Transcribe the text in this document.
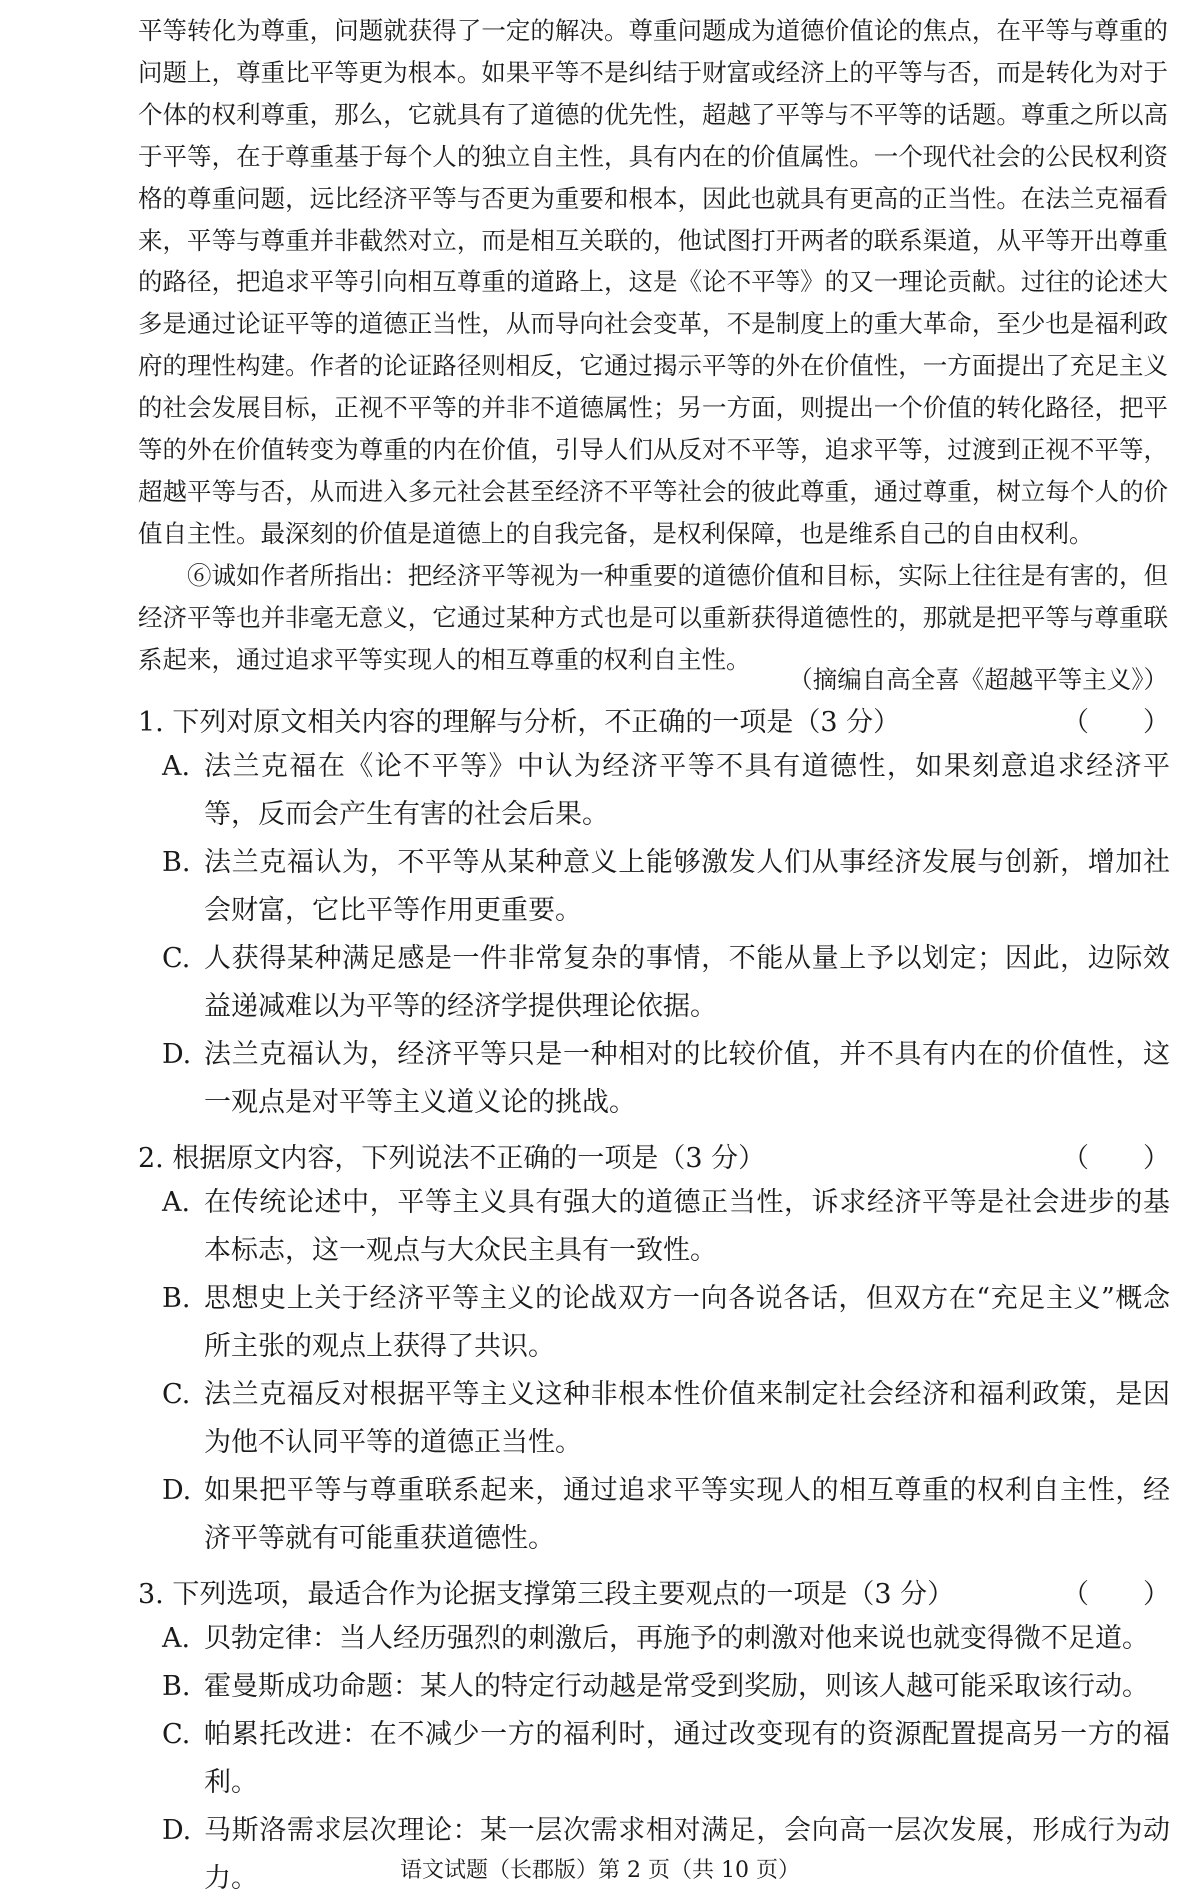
平等转化为尊重，问题就获得了一定的解决。尊重问题成为道德价值论的焦点，在平等与尊重的问题上，尊重比平等更为根本。如果平等不是纠结于财富或经济上的平等与否，而是转化为对于个体的权利尊重，那么，它就具有了道德的优先性，超越了平等与不平等的话题。尊重之所以高于平等，在于尊重基于每个人的独立自主性，具有内在的价值属性。一个现代社会的公民权利资格的尊重问题，远比经济平等与否更为重要和根本，因此也就具有更高的正当性。在法兰克福看来，平等与尊重并非截然对立，而是相互关联的，他试图打开两者的联系渠道，从平等开出尊重的路径，把追求平等引向相互尊重的道路上，这是《论不平等》的又一理论贡献。过往的论述大多是通过论证平等的道德正当性，从而导向社会变革，不是制度上的重大革命，至少也是福利政府的理性构建。作者的论证路径则相反，它通过揭示平等的外在价值性，一方面提出了充足主义的社会发展目标，正视不平等的并非不道德属性；另一方面，则提出一个价值的转化路径，把平等的外在价值转变为尊重的内在价值，引导人们从反对不平等，追求平等，过渡到正视不平等，超越平等与否，从而进入多元社会甚至经济不平等社会的彼此尊重，通过尊重，树立每个人的价值自主性。最深刻的价值是道德上的自我完备，是权利保障，也是维系自己的自由权利。

⑥诚如作者所指出：把经济平等视为一种重要的道德价值和目标，实际上往往是有害的，但经济平等也并非毫无意义，它通过某种方式也是可以重新获得道德性的，那就是把平等与尊重联系起来，通过追求平等实现人的相互尊重的权利自主性。

（摘编自高全喜《超越平等主义》）
1. 下列对原文相关内容的理解与分析，不正确的一项是（3 分）	（　　）
A. 法兰克福在《论不平等》中认为经济平等不具有道德性，如果刻意追求经济平等，反而会产生有害的社会后果。
B. 法兰克福认为，不平等从某种意义上能够激发人们从事经济发展与创新，增加社会财富，它比平等作用更重要。
C. 人获得某种满足感是一件非常复杂的事情，不能从量上予以划定；因此，边际效益递减难以为平等的经济学提供理论依据。
D. 法兰克福认为，经济平等只是一种相对的比较价值，并不具有内在的价值性，这一观点是对平等主义道义论的挑战。
2. 根据原文内容，下列说法不正确的一项是（3 分）	（　　）
A. 在传统论述中，平等主义具有强大的道德正当性，诉求经济平等是社会进步的基本标志，这一观点与大众民主具有一致性。
B. 思想史上关于经济平等主义的论战双方一向各说各话，但双方在“充足主义”概念所主张的观点上获得了共识。
C. 法兰克福反对根据平等主义这种非根本性价值来制定社会经济和福利政策，是因为他不认同平等的道德正当性。
D. 如果把平等与尊重联系起来，通过追求平等实现人的相互尊重的权利自主性，经济平等就有可能重获道德性。
3. 下列选项，最适合作为论据支撑第三段主要观点的一项是（3 分）	（　　）
A. 贝勃定律：当人经历强烈的刺激后，再施予的刺激对他来说也就变得微不足道。
B. 霍曼斯成功命题：某人的特定行动越是常受到奖励，则该人越可能采取该行动。
C. 帕累托改进：在不减少一方的福利时，通过改变现有的资源配置提高另一方的福利。
D. 马斯洛需求层次理论：某一层次需求相对满足，会向高一层次发展，形成行为动力。	语文试题（长郡版）第 2 页（共 10 页）
